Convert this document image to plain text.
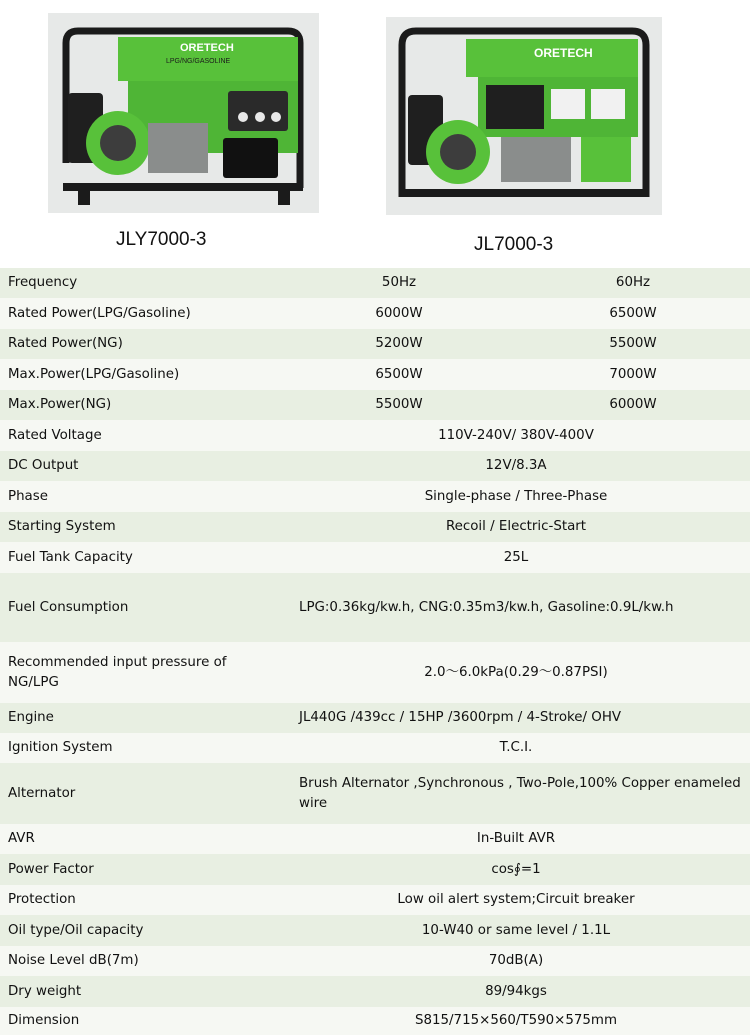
ORETECH
LPG/NG/GASOLINE
JLY7000-3
ORETECH
JL7000-3
Frequency	50Hz	60Hz
Rated Power(LPG/Gasoline)	6000W	6500W
Rated Power(NG)	5200W	5500W
Max.Power(LPG/Gasoline)	6500W	7000W
Max.Power(NG)	5500W	6000W
Rated Voltage	110V-240V/ 380V-400V	
DC Output	12V/8.3A	
Phase	Single-phase / Three-Phase	
Starting System	Recoil / Electric-Start	
Fuel Tank Capacity	25L	
Fuel Consumption	LPG:0.36kg/kw.h, CNG:0.35m3/kw.h, Gasoline:0.9L/kw.h	
Recommended input pressure of NG/LPG	2.0～6.0kPa(0.29～0.87PSI)	
Engine	JL440G /439cc / 15HP /3600rpm / 4-Stroke/ OHV	
Ignition System	T.C.I.	
Alternator	Brush Alternator ,Synchronous , Two-Pole,100% Copper enameled wire	
AVR	In-Built AVR	
Power Factor	cos∮=1	
Protection	Low oil alert system;Circuit breaker	
Oil type/Oil capacity	10-W40 or same level / 1.1L	
Noise Level dB(7m)	70dB(A)	
Dry weight	89/94kgs	
Dimension	S815/715×560/T590×575mm	
